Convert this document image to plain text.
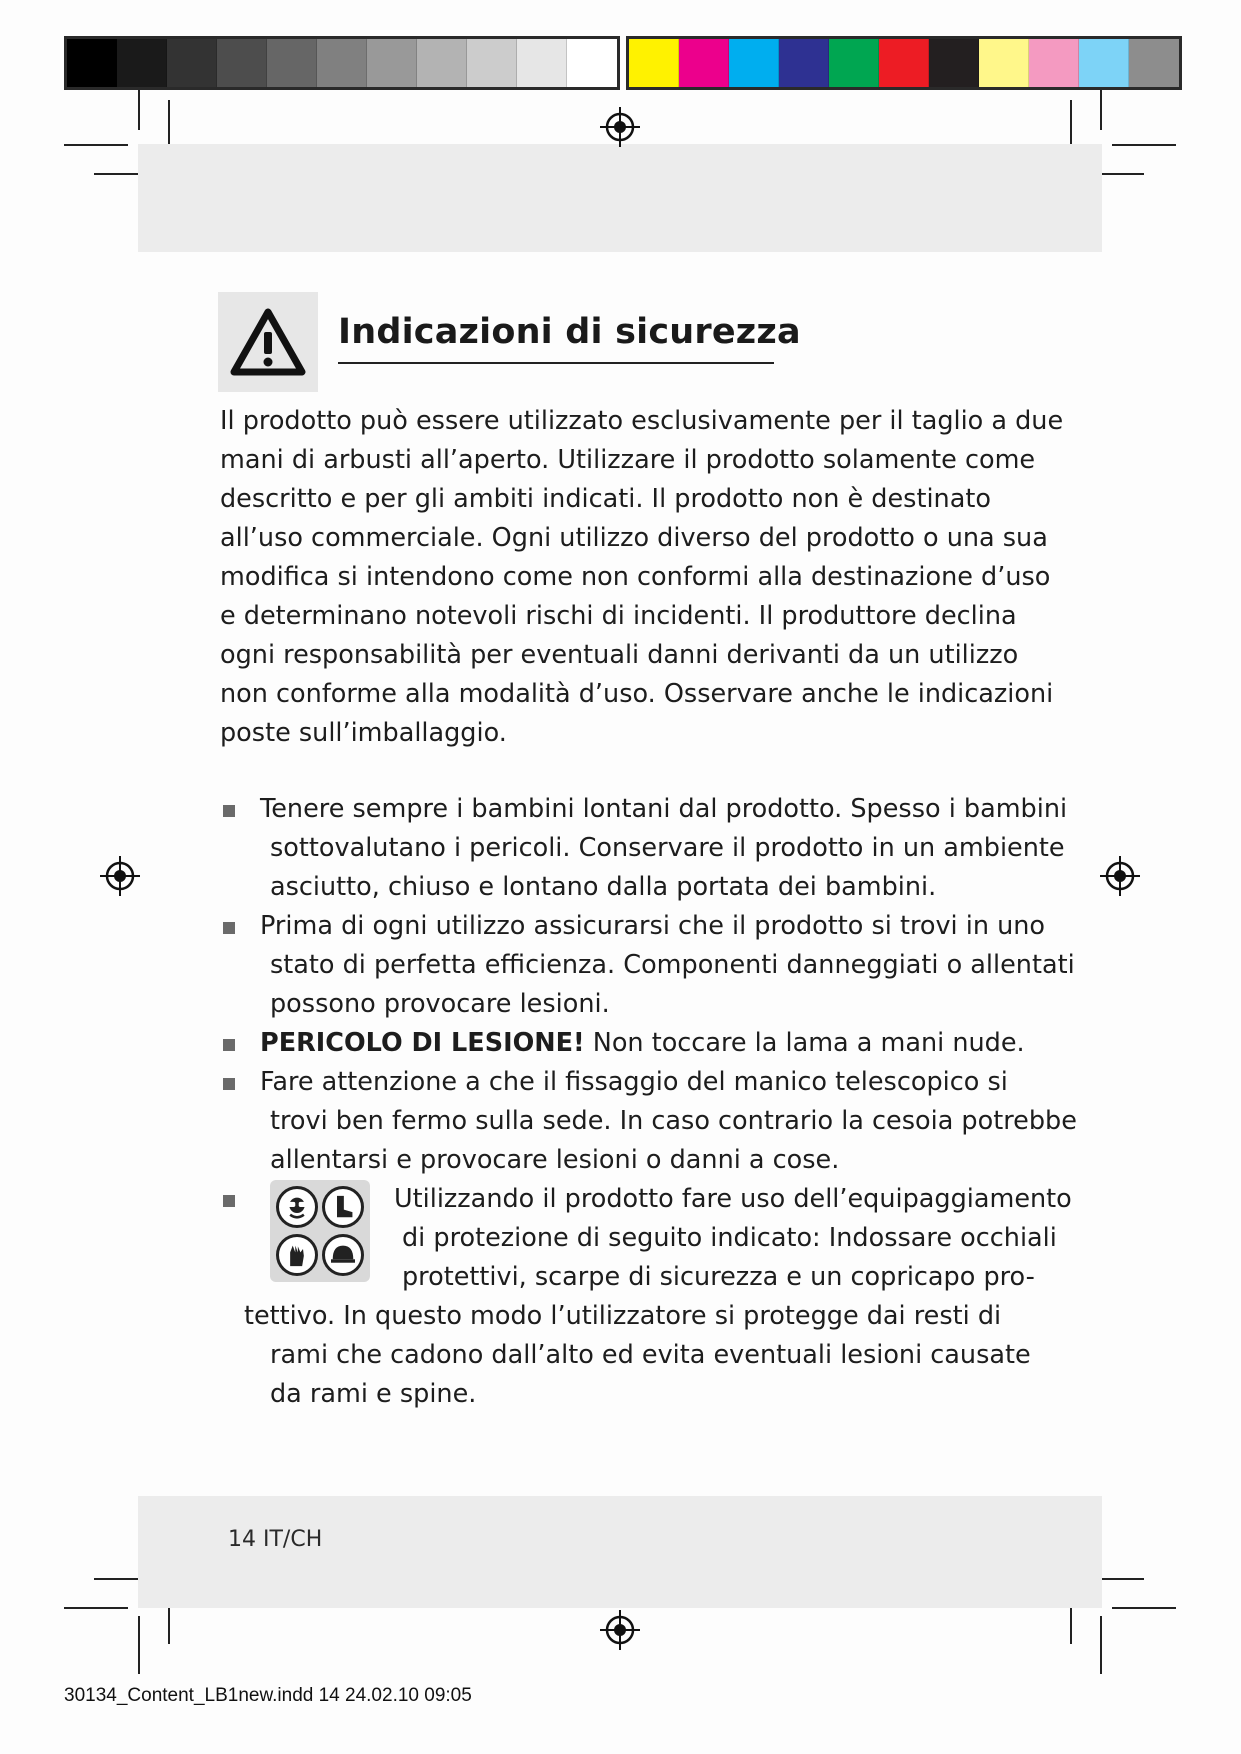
Indicazioni di sicurezza
Il prodotto può essere utilizzato esclusivamente per il taglio a due
mani di arbusti all’aperto. Utilizzare il prodotto solamente come
descritto e per gli ambiti indicati. Il prodotto non è destinato
all’uso commerciale. Ogni utilizzo diverso del prodotto o una sua
modifica si intendono come non conformi alla destinazione d’uso
e determinano notevoli rischi di incidenti. Il produttore declina
ogni responsabilità per eventuali danni derivanti da un utilizzo
non conforme alla modalità d’uso. Osservare anche le indicazioni
poste sull’imballaggio.
Tenere sempre i bambini lontani dal prodotto. Spesso i bambini
sottovalutano i pericoli. Conservare il prodotto in un ambiente
asciutto, chiuso e lontano dalla portata dei bambini.
Prima di ogni utilizzo assicurarsi che il prodotto si trovi in uno
stato di perfetta efficienza. Componenti danneggiati o allentati
possono provocare lesioni.
PERICOLO DI LESIONE! Non toccare la lama a mani nude.
Fare attenzione a che il fissaggio del manico telescopico si
trovi ben fermo sulla sede. In caso contrario la cesoia potrebbe
allentarsi e provocare lesioni o danni a cose.
Utilizzando il prodotto fare uso dell’equipaggiamento
di protezione di seguito indicato: Indossare occhiali
protettivi, scarpe di sicurezza e un copricapo pro-
tettivo. In questo modo l’utilizzatore si protegge dai resti di
rami che cadono dall’alto ed evita eventuali lesioni causate
da rami e spine.
14 IT/CH
30134_Content_LB1new.indd 14 24.02.10 09:05
